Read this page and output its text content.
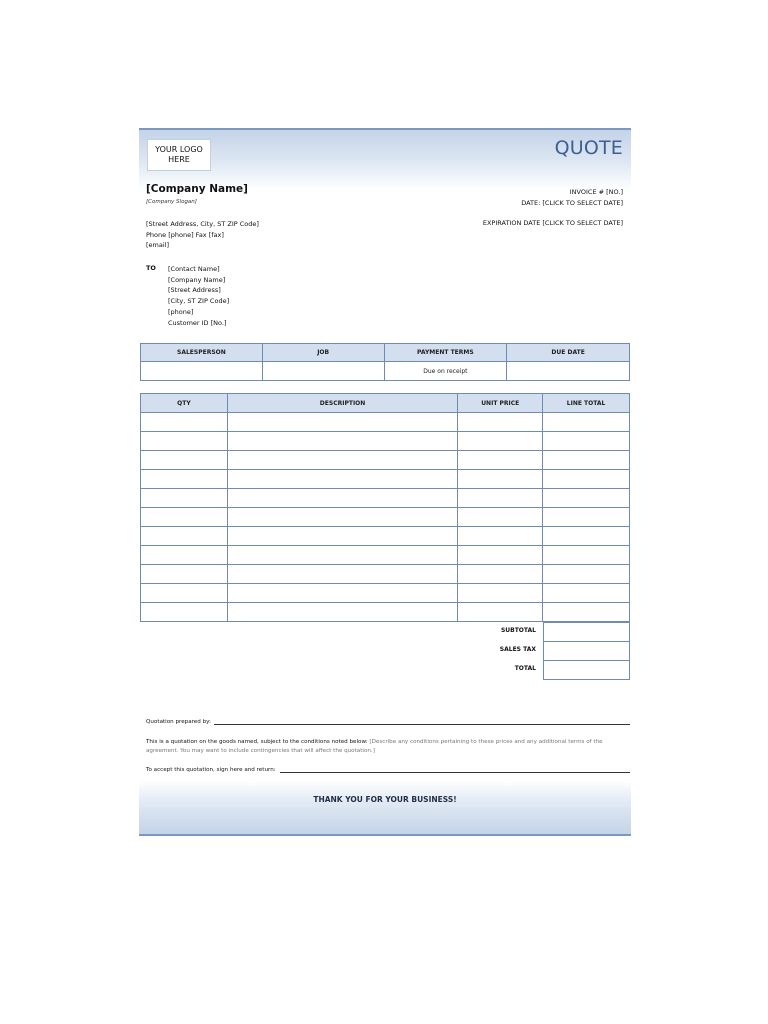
YOUR LOGO
HERE
QUOTE
[Company Name]
[Company Slogan]
[Street Address, City, ST ZIP Code]
Phone [phone] Fax [fax]
[email]
INVOICE # [NO.]
DATE: [CLICK TO SELECT DATE]
EXPIRATION DATE [CLICK TO SELECT DATE]
TO [Contact Name]
[Company Name]
[Street Address]
[City, ST ZIP Code]
[phone]
Customer ID [No.]
SALESPERSON	JOB	PAYMENT TERMS	DUE DATE
		Due on receipt	
QTY	DESCRIPTION	UNIT PRICE	LINE TOTAL

SUBTOTAL
SALES TAX
TOTAL
Quotation prepared by:
This is a quotation on the goods named, subject to the conditions noted below: [Describe any conditions pertaining to these prices and any additional terms of the agreement. You may want to include contingencies that will affect the quotation.]
To accept this quotation, sign here and return:
THANK YOU FOR YOUR BUSINESS!
